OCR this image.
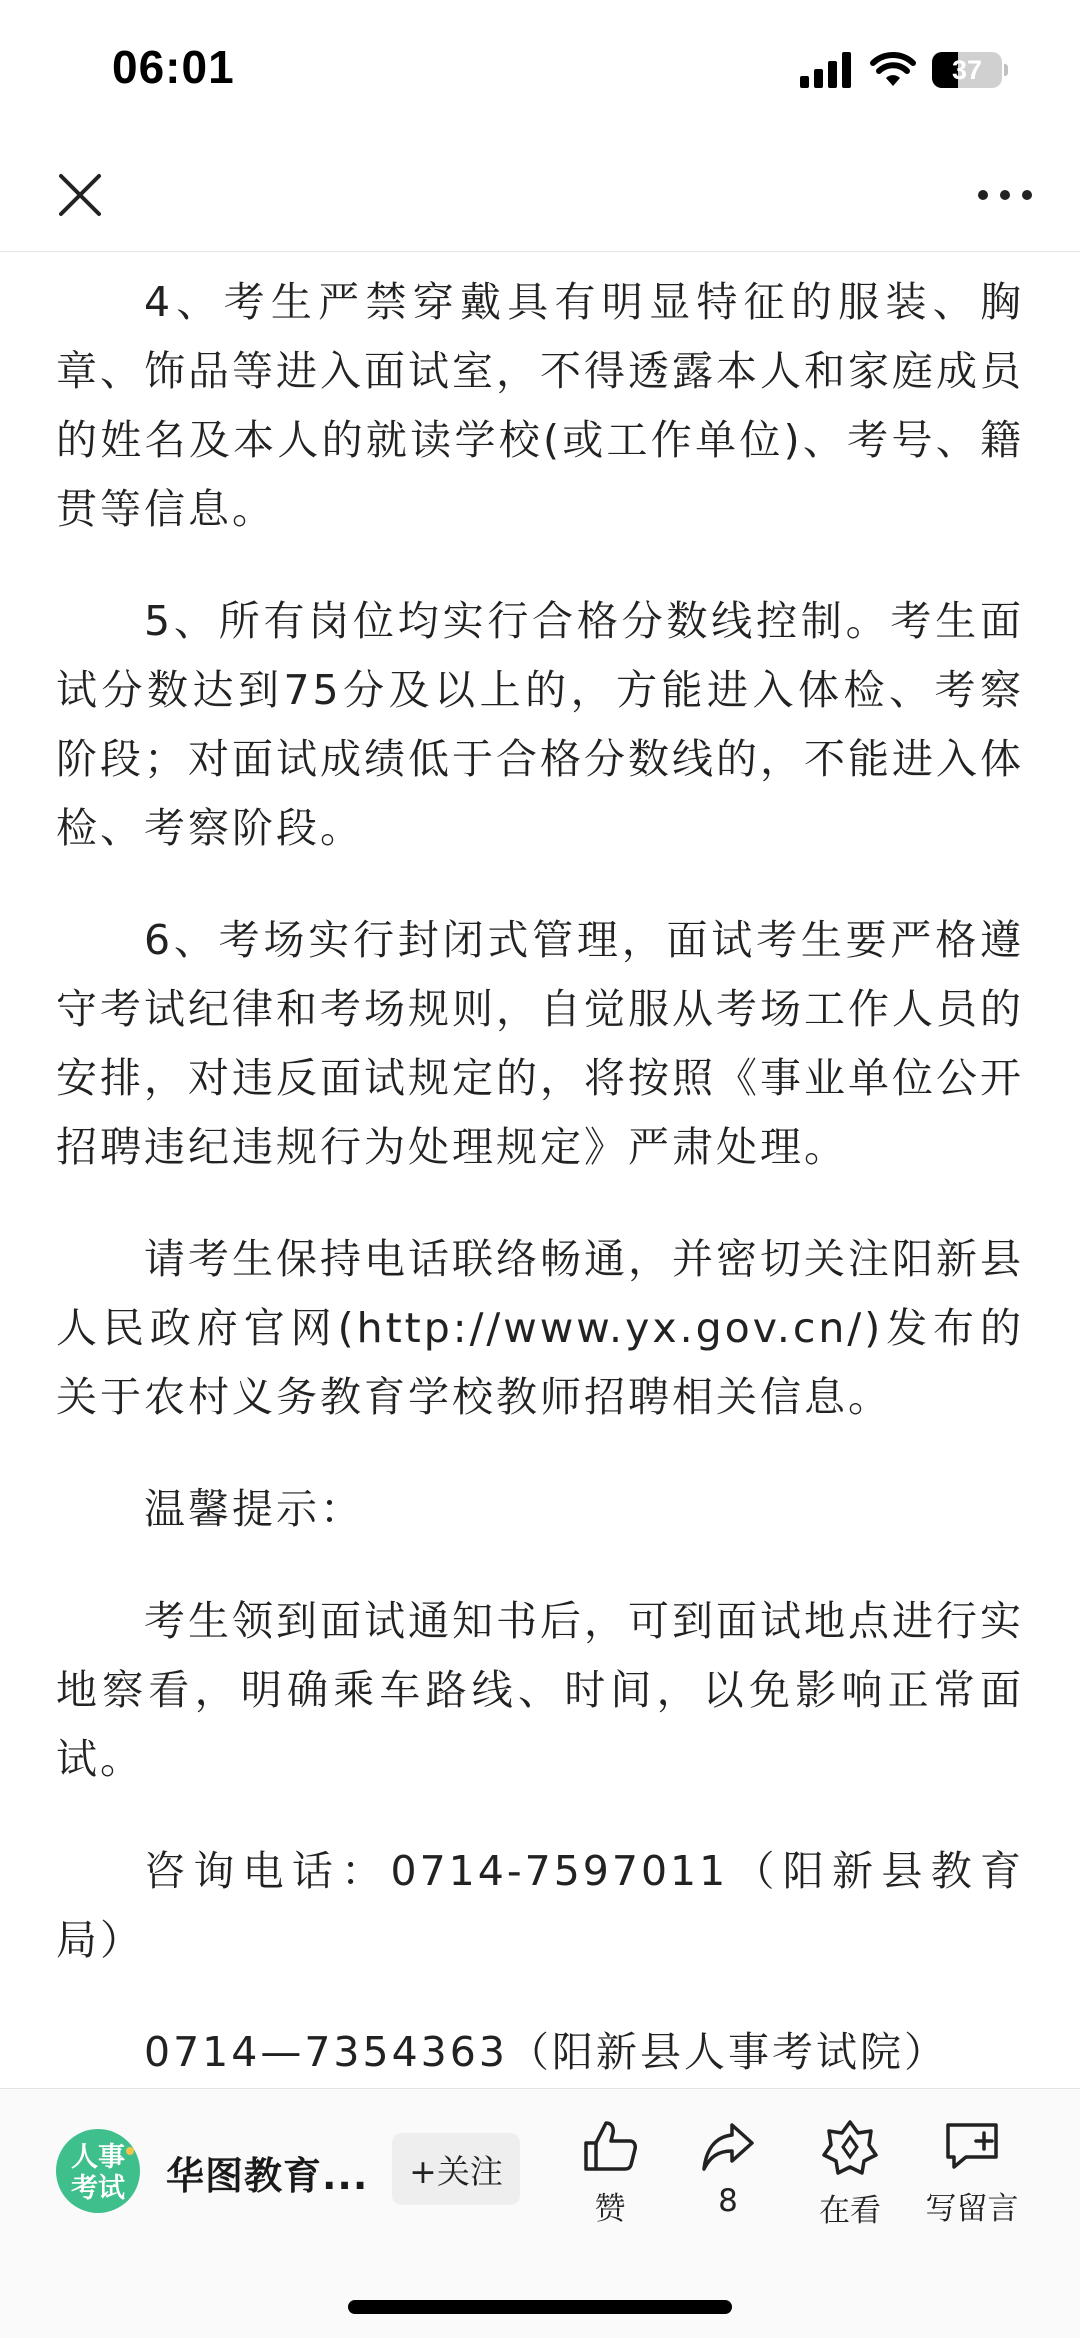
06:01	37

4、考生严禁穿戴具有明显特征的服装、胸章、饰品等进入面试室，不得透露本人和家庭成员的姓名及本人的就读学校(或工作单位)、考号、籍贯等信息。

5、所有岗位均实行合格分数线控制。考生面试分数达到75分及以上的，方能进入体检、考察阶段；对面试成绩低于合格分数线的，不能进入体检、考察阶段。

6、考场实行封闭式管理，面试考生要严格遵守考试纪律和考场规则，自觉服从考场工作人员的安排，对违反面试规定的，将按照《事业单位公开招聘违纪违规行为处理规定》严肃处理。

请考生保持电话联络畅通，并密切关注阳新县人民政府官网(http://www.yx.gov.cn/)发布的关于农村义务教育学校教师招聘相关信息。

温馨提示：

考生领到面试通知书后，可到面试地点进行实地察看，明确乘车路线、时间，以免影响正常面试。

咨询电话：0714-7597011（阳新县教育局）

0714—7354363（阳新县人事考试院）

人事
考试 华图教育...	+关注
赞	8	在看 写留言
